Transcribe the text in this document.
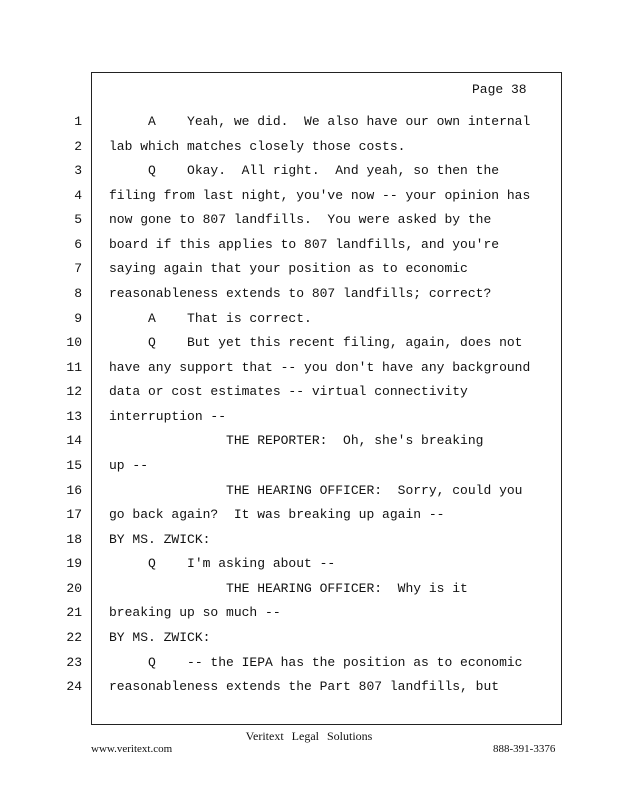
Page 38
1 A    Yeah, we did.  We also have our own internal
2 lab which matches closely those costs.
3 Q    Okay.  All right.  And yeah, so then the
4 filing from last night, you've now -- your opinion has
5 now gone to 807 landfills.  You were asked by the
6 board if this applies to 807 landfills, and you're
7 saying again that your position as to economic
8 reasonableness extends to 807 landfills; correct?
9 A    That is correct.
10 Q    But yet this recent filing, again, does not
11 have any support that -- you don't have any background
12 data or cost estimates -- virtual connectivity
13 interruption --
14 THE REPORTER:  Oh, she's breaking
15 up --
16 THE HEARING OFFICER:  Sorry, could you
17 go back again?  It was breaking up again --
18 BY MS. ZWICK:
19 Q    I'm asking about --
20 THE HEARING OFFICER:  Why is it
21 breaking up so much --
22 BY MS. ZWICK:
23 Q    -- the IEPA has the position as to economic
24 reasonableness extends the Part 807 landfills, but
Veritext Legal Solutions
www.veritext.com	888-391-3376
